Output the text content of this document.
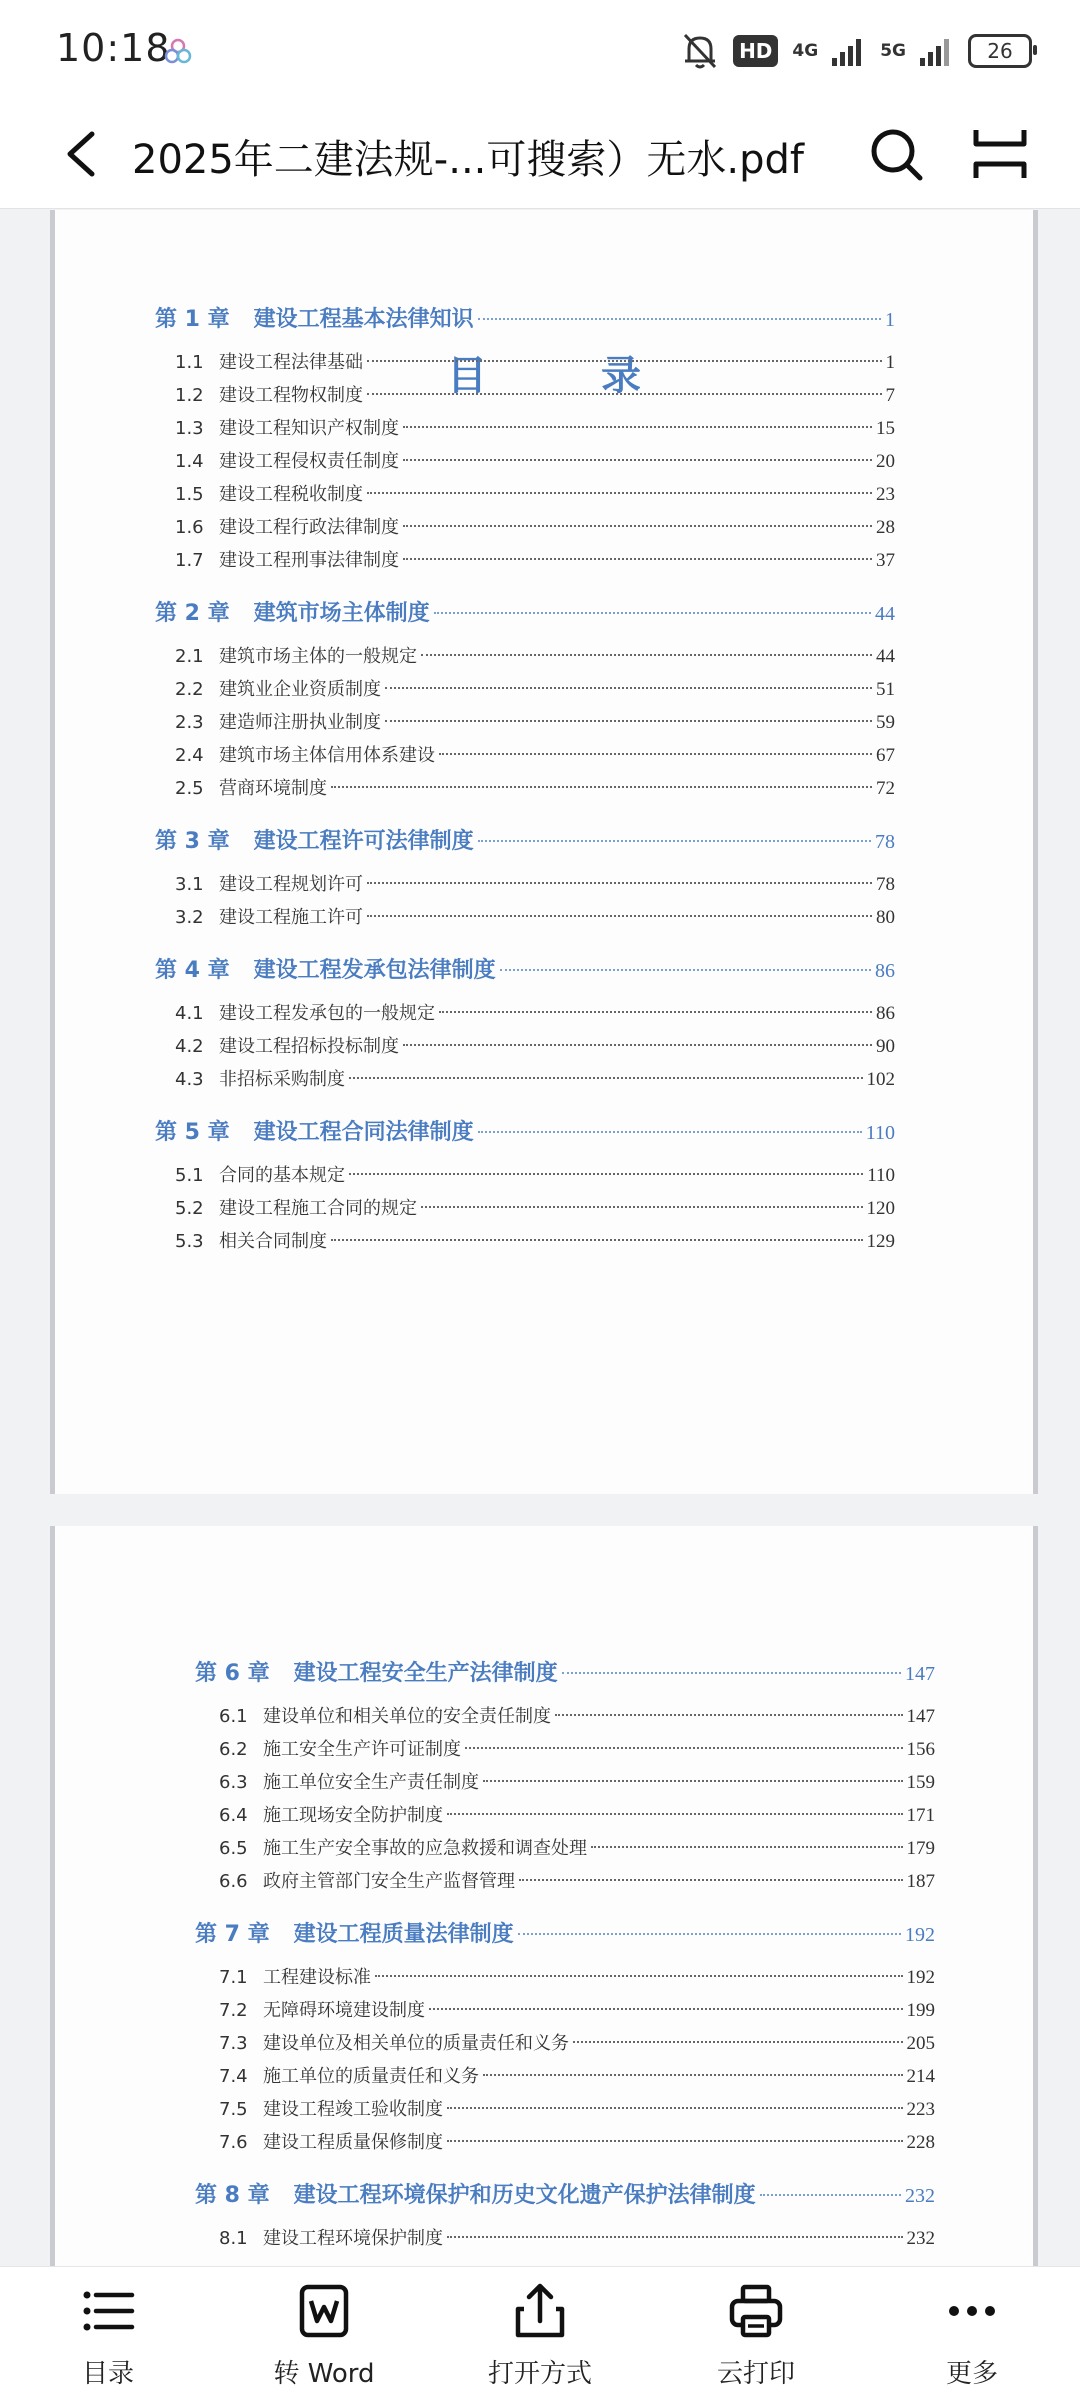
10:18	HD	4G	5G	26
2025年二建法规-...可搜索）无水.pdf
目 录
第 1 章 建设工程基本法律知识	1
1.1 建设工程法律基础	1
1.2 建设工程物权制度	7
1.3 建设工程知识产权制度	15
1.4 建设工程侵权责任制度	20
1.5 建设工程税收制度	23
1.6 建设工程行政法律制度	28
1.7 建设工程刑事法律制度	37
第 2 章 建筑市场主体制度	44
2.1 建筑市场主体的一般规定	44
2.2 建筑业企业资质制度	51
2.3 建造师注册执业制度	59
2.4 建筑市场主体信用体系建设	67
2.5 营商环境制度	72
第 3 章 建设工程许可法律制度	78
3.1 建设工程规划许可	78
3.2 建设工程施工许可	80
第 4 章 建设工程发承包法律制度	86
4.1 建设工程发承包的一般规定	86
4.2 建设工程招标投标制度	90
4.3 非招标采购制度	102
第 5 章 建设工程合同法律制度	110
5.1 合同的基本规定	110
5.2 建设工程施工合同的规定	120
5.3 相关合同制度	129
第 6 章 建设工程安全生产法律制度	147
6.1 建设单位和相关单位的安全责任制度	147
6.2 施工安全生产许可证制度	156
6.3 施工单位安全生产责任制度	159
6.4 施工现场安全防护制度	171
6.5 施工生产安全事故的应急救援和调查处理	179
6.6 政府主管部门安全生产监督管理	187
第 7 章 建设工程质量法律制度	192
7.1 工程建设标准	192
7.2 无障碍环境建设制度	199
7.3 建设单位及相关单位的质量责任和义务	205
7.4 施工单位的质量责任和义务	214
7.5 建设工程竣工验收制度	223
7.6 建设工程质量保修制度	228
第 8 章 建设工程环境保护和历史文化遗产保护法律制度	232
8.1 建设工程环境保护制度	232
目录	转 Word	打开方式	云打印	更多
